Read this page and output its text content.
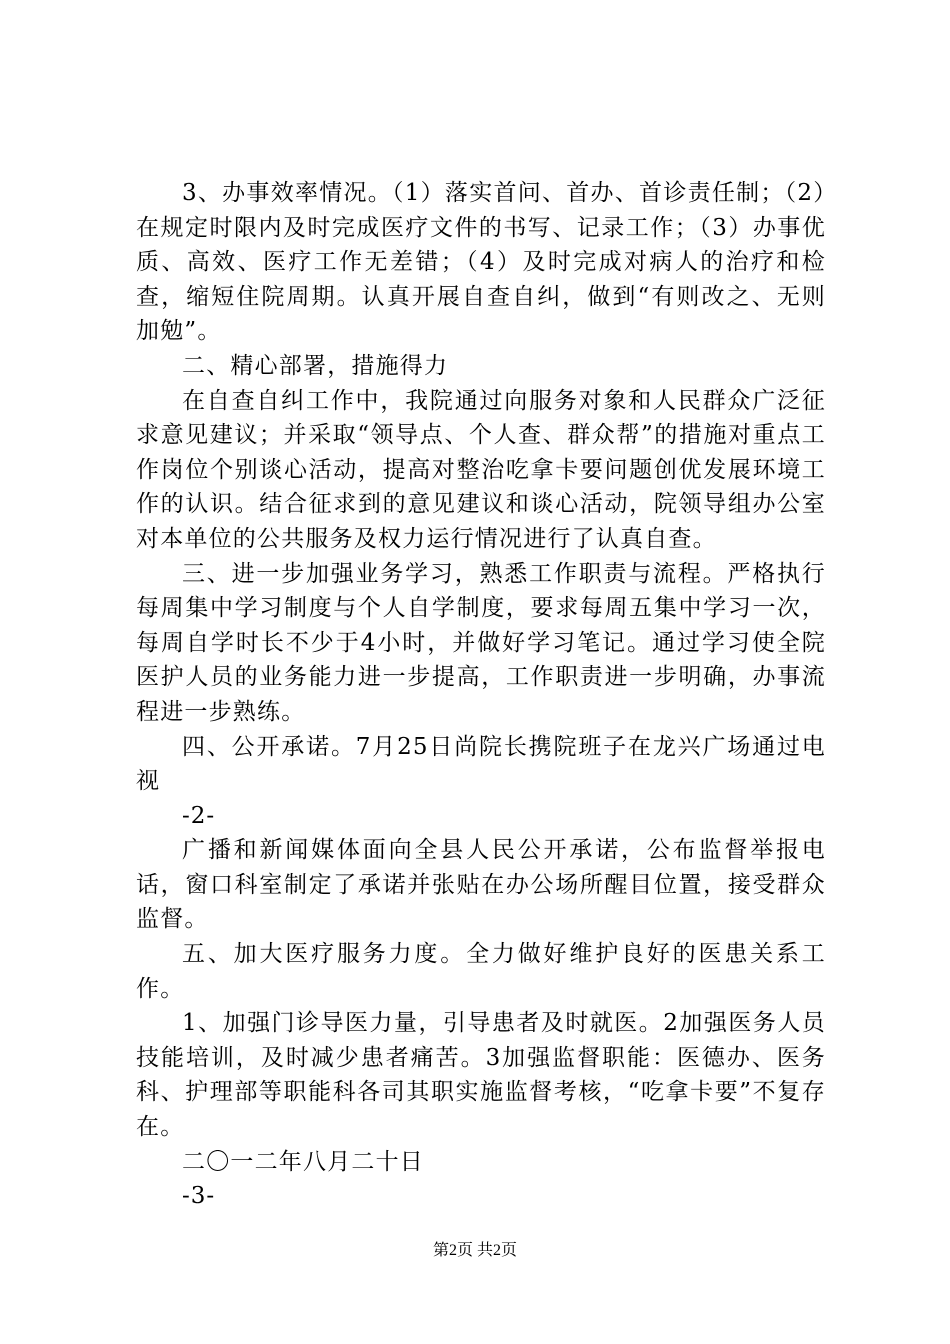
3、办事效率情况。（1）落实首问、首办、首诊责任制；（2）在规定时限内及时完成医疗文件的书写、记录工作；（3）办事优质、高效、医疗工作无差错；（4）及时完成对病人的治疗和检查，缩短住院周期。认真开展自查自纠，做到“有则改之、无则加勉”。

二、精心部署，措施得力

在自查自纠工作中，我院通过向服务对象和人民群众广泛征求意见建议；并采取“领导点、个人查、群众帮”的措施对重点工作岗位个别谈心活动，提高对整治吃拿卡要问题创优发展环境工作的认识。结合征求到的意见建议和谈心活动，院领导组办公室对本单位的公共服务及权力运行情况进行了认真自查。

三、进一步加强业务学习，熟悉工作职责与流程。严格执行每周集中学习制度与个人自学制度，要求每周五集中学习一次，每周自学时长不少于4小时，并做好学习笔记。通过学习使全院医护人员的业务能力进一步提高，工作职责进一步明确，办事流程进一步熟练。

四、公开承诺。7月25日尚院长携院班子在龙兴广场通过电视

-2-

广播和新闻媒体面向全县人民公开承诺，公布监督举报电话，窗口科室制定了承诺并张贴在办公场所醒目位置，接受群众监督。

五、加大医疗服务力度。全力做好维护良好的医患关系工作。

1、加强门诊导医力量，引导患者及时就医。2加强医务人员技能培训，及时减少患者痛苦。3加强监督职能：医德办、医务科、护理部等职能科各司其职实施监督考核，“吃拿卡要”不复存在。

二〇一二年八月二十日

-3-

第2页 共2页
